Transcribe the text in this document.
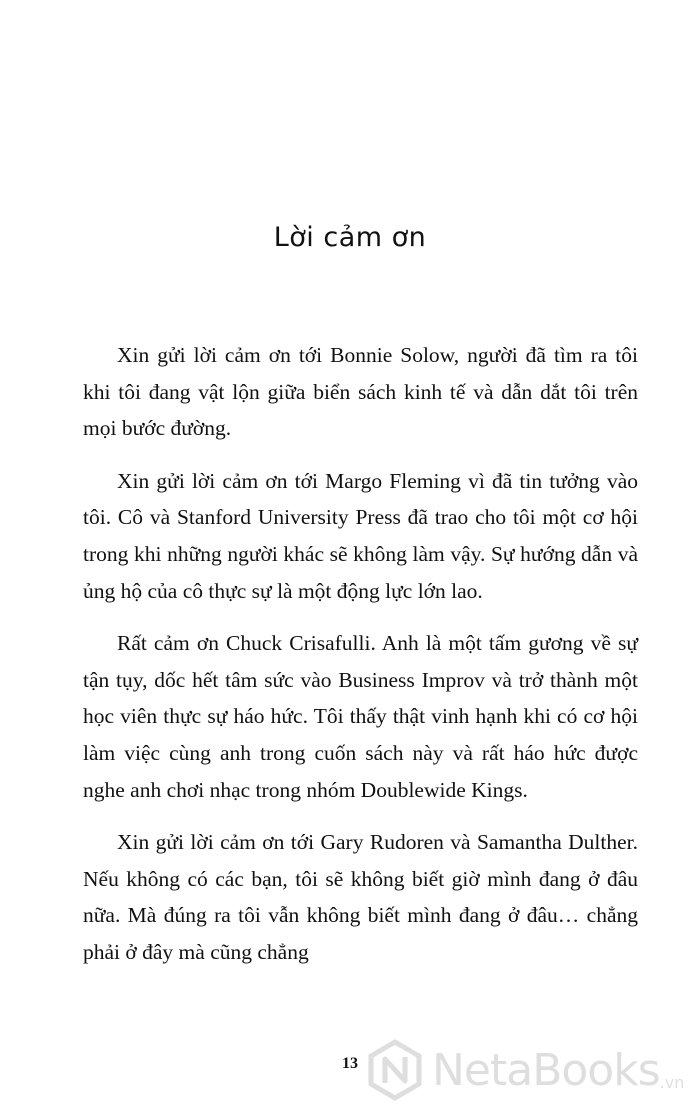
Lời cảm ơn

Xin gửi lời cảm ơn tới Bonnie Solow, người đã tìm ra tôi khi tôi đang vật lộn giữa biển sách kinh tế và dẫn dắt tôi trên mọi bước đường.

Xin gửi lời cảm ơn tới Margo Fleming vì đã tin tưởng vào tôi. Cô và Stanford University Press đã trao cho tôi một cơ hội trong khi những người khác sẽ không làm vậy. Sự hướng dẫn và ủng hộ của cô thực sự là một động lực lớn lao.

Rất cảm ơn Chuck Crisafulli. Anh là một tấm gương về sự tận tụy, dốc hết tâm sức vào Business Improv và trở thành một học viên thực sự háo hức. Tôi thấy thật vinh hạnh khi có cơ hội làm việc cùng anh trong cuốn sách này và rất háo hức được nghe anh chơi nhạc trong nhóm Doublewide Kings.

Xin gửi lời cảm ơn tới Gary Rudoren và Samantha Dulther. Nếu không có các bạn, tôi sẽ không biết giờ mình đang ở đâu nữa. Mà đúng ra tôi vẫn không biết mình đang ở đâu… chẳng phải ở đây mà cũng chẳng

13	NetaBooks .vn
